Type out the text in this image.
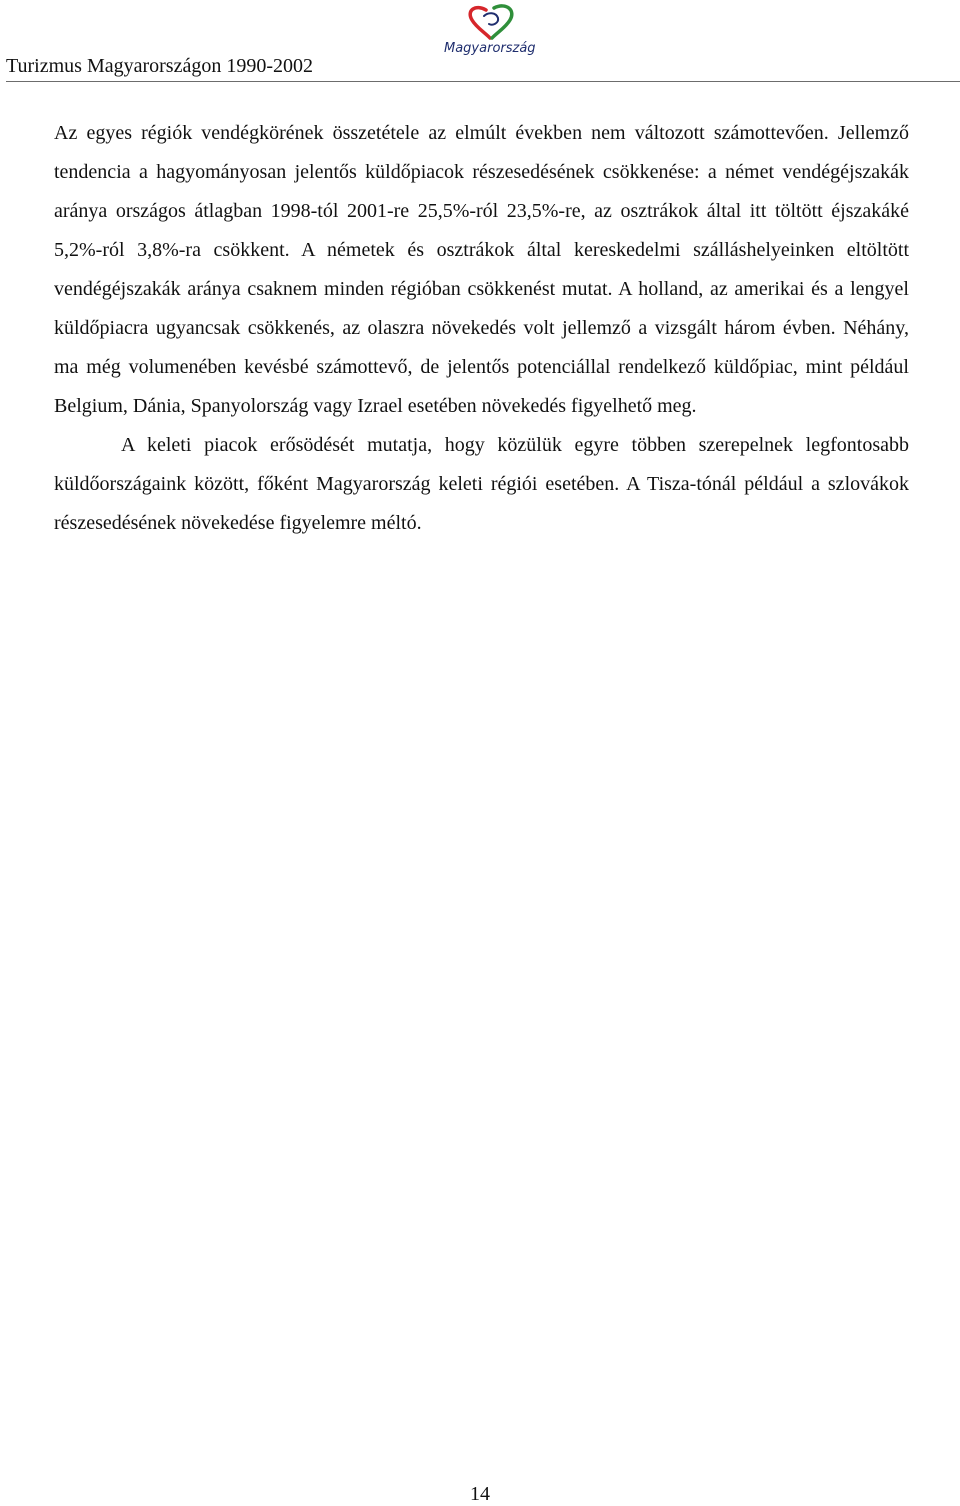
Turizmus Magyarországon 1990-2002
Magyarország

Az egyes régiók vendégkörének összetétele az elmúlt években nem változott számottevően. Jellemző tendencia a hagyományosan jelentős küldőpiacok részesedésének csökkenése: a német vendégéjszakák aránya országos átlagban 1998-tól 2001-re 25,5%-ról 23,5%-re, az osztrákok által itt töltött éjszakáké 5,2%-ról 3,8%-ra csökkent. A németek és osztrákok által kereskedelmi szálláshelyeinken eltöltött vendégéjszakák aránya csaknem minden régióban csökkenést mutat. A holland, az amerikai és a lengyel küldőpiacra ugyancsak csökkenés, az olaszra növekedés volt jellemző a vizsgált három évben. Néhány, ma még volumenében kevésbé számottevő, de jelentős potenciállal rendelkező küldőpiac, mint például Belgium, Dánia, Spanyolország vagy Izrael esetében növekedés figyelhető meg.

A keleti piacok erősödését mutatja, hogy közülük egyre többen szerepelnek legfontosabb küldőországaink között, főként Magyarország keleti régiói esetében. A Tisza-tónál például a szlovákok részesedésének növekedése figyelemre méltó.

14
